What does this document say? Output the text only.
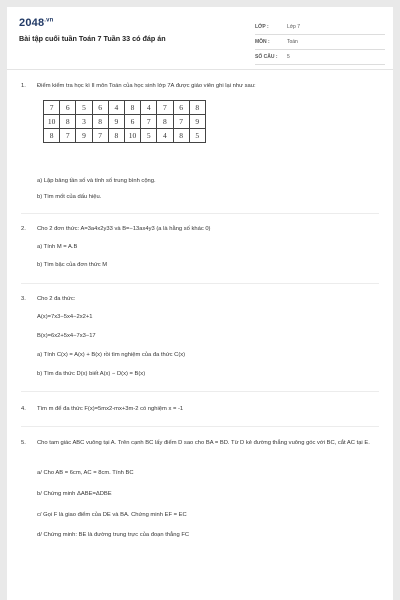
$2048^{.vn}$
Bài tập cuối tuần Toán 7 Tuần 33 có đáp án
LỚP :	Lớp 7
MÔN :	Toán
SỐ CÂU : 5
1. Điểm kiểm tra học kì II môn Toán của học sinh lớp 7A được giáo viên ghi lại như sau:
7	6	5	6	4	8	4	7	6	8
10	8	3	8	9	6	7	8	7	9
8	7	9	7	8	10	5	4	8	5
a) Lập bảng tần số và tính số trung bình cộng.
b) Tìm mốt của dấu hiệu.
2. Cho 2 đơn thức: A=3a4x2y33 và B=−13ax4y3 (a là hằng số khác 0)
a) Tính M = A.B
b) Tìm bậc của đơn thức M
3. Cho 2 đa thức:
A(x)=7x3−5x4−2x2+1
B(x)=6x2+5x4−7x3−17
a) Tính C(x) = A(x) + B(x) rồi tìm nghiệm của đa thức C(x)
b) Tìm đa thức D(x) biết A(x) − D(x) = B(x)
4. Tìm m để đa thức F(x)=5mx2-mx+3m-2 có nghiệm x = -1
5. Cho tam giác ABC vuông tại A. Trên cạnh BC lấy điểm D sao cho BA = BD. Từ D kẻ đường thẳng vuông góc với BC, cắt AC tại E.
a/ Cho AB = 6cm, AC = 8cm. Tính BC
b/ Chứng minh ΔABE=ΔDBE
c/ Gọi F là giao điểm của DE và BA. Chứng minh EF = EC
d/ Chứng minh: BE là đường trung trực của đoạn thẳng FC
